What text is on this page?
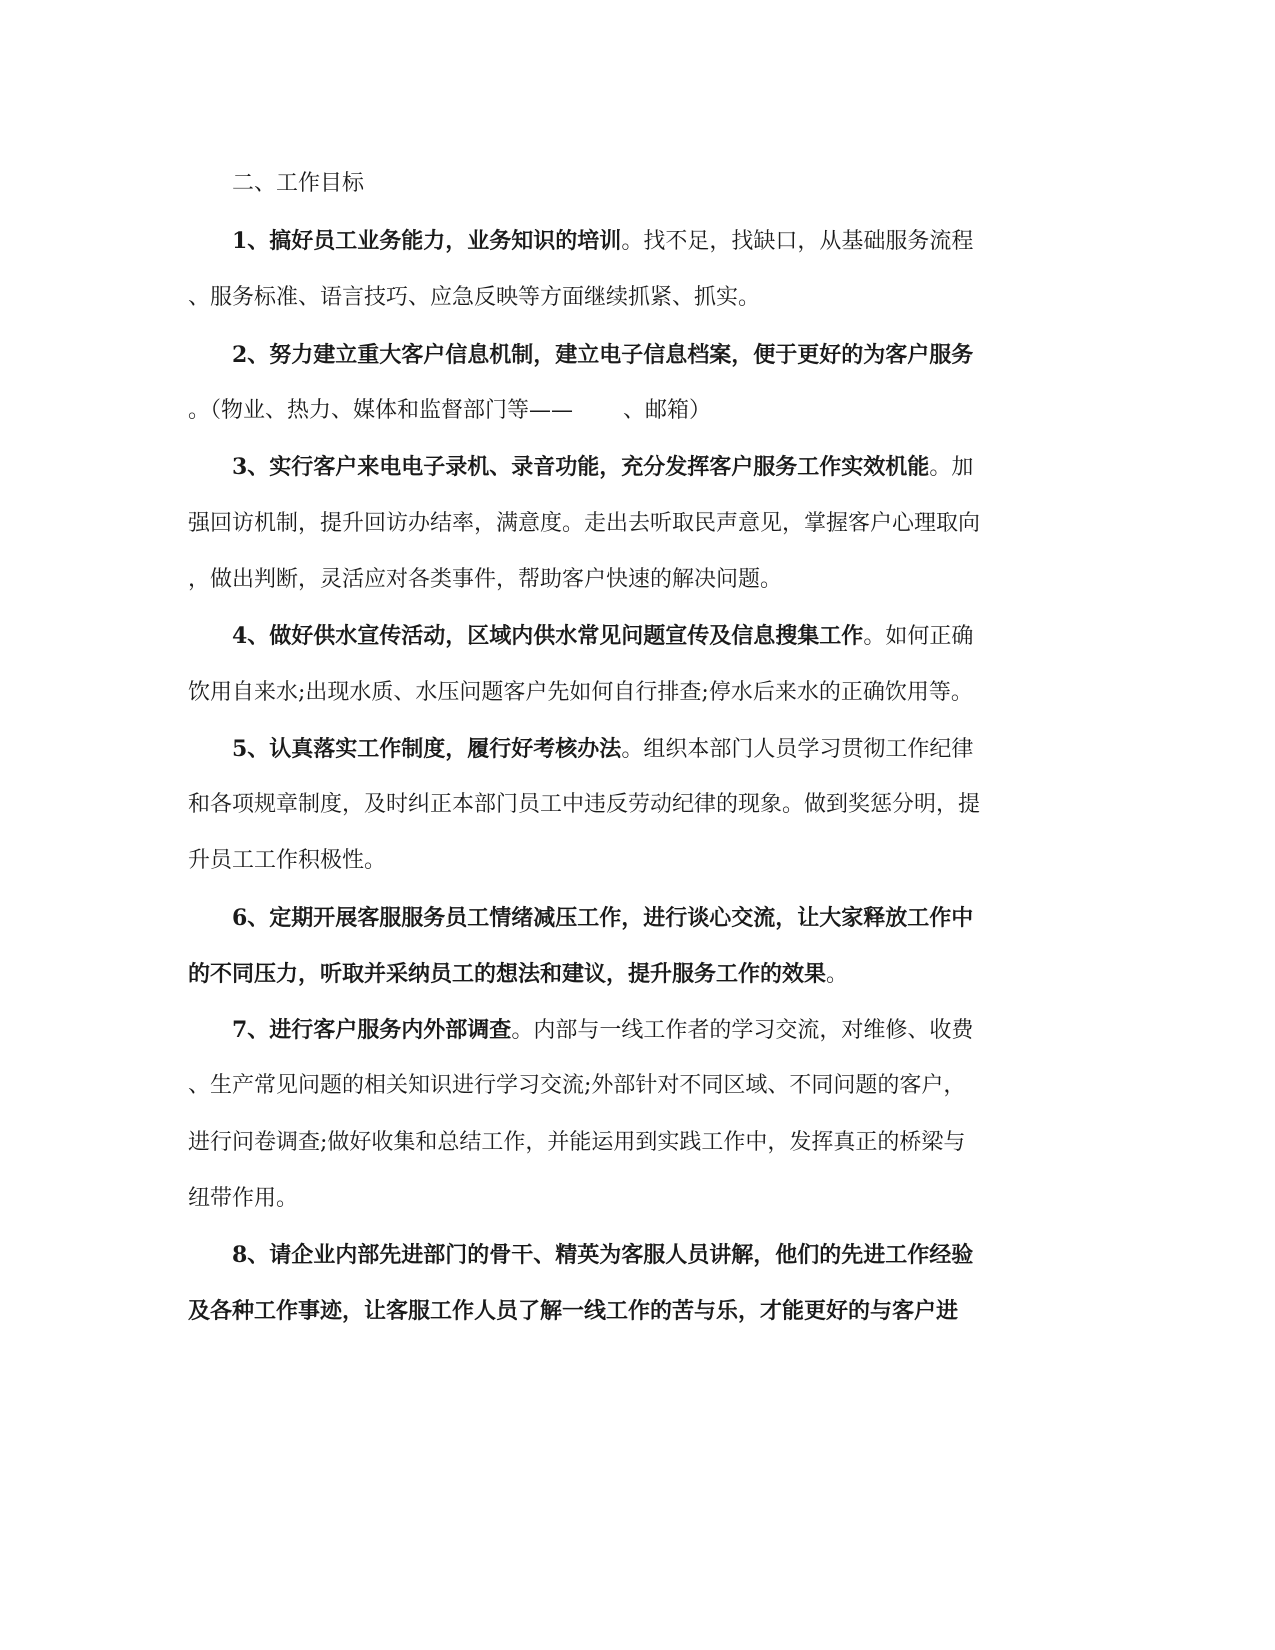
二、工作目标
1、搞好员工业务能力，业务知识的培训。找不足，找缺口，从基础服务流程
、服务标准、语言技巧、应急反映等方面继续抓紧、抓实。
2、努力建立重大客户信息机制，建立电子信息档案，便于更好的为客户服务
。（物业、热力、媒体和监督部门等—— 、邮箱）
3、实行客户来电电子录机、录音功能，充分发挥客户服务工作实效机能。加
强回访机制，提升回访办结率，满意度。走出去听取民声意见，掌握客户心理取向
，做出判断，灵活应对各类事件，帮助客户快速的解决问题。
4、做好供水宣传活动，区域内供水常见问题宣传及信息搜集工作。如何正确
饮用自来水;出现水质、水压问题客户先如何自行排查;停水后来水的正确饮用等。
5、认真落实工作制度，履行好考核办法。组织本部门人员学习贯彻工作纪律
和各项规章制度，及时纠正本部门员工中违反劳动纪律的现象。做到奖惩分明，提
升员工工作积极性。
6、定期开展客服服务员工情绪减压工作，进行谈心交流，让大家释放工作中
的不同压力，听取并采纳员工的想法和建议，提升服务工作的效果。
7、进行客户服务内外部调查。内部与一线工作者的学习交流，对维修、收费
、生产常见问题的相关知识进行学习交流;外部针对不同区域、不同问题的客户，
进行问卷调查;做好收集和总结工作，并能运用到实践工作中，发挥真正的桥梁与
纽带作用。
8、请企业内部先进部门的骨干、精英为客服人员讲解，他们的先进工作经验
及各种工作事迹，让客服工作人员了解一线工作的苦与乐，才能更好的与客户进
